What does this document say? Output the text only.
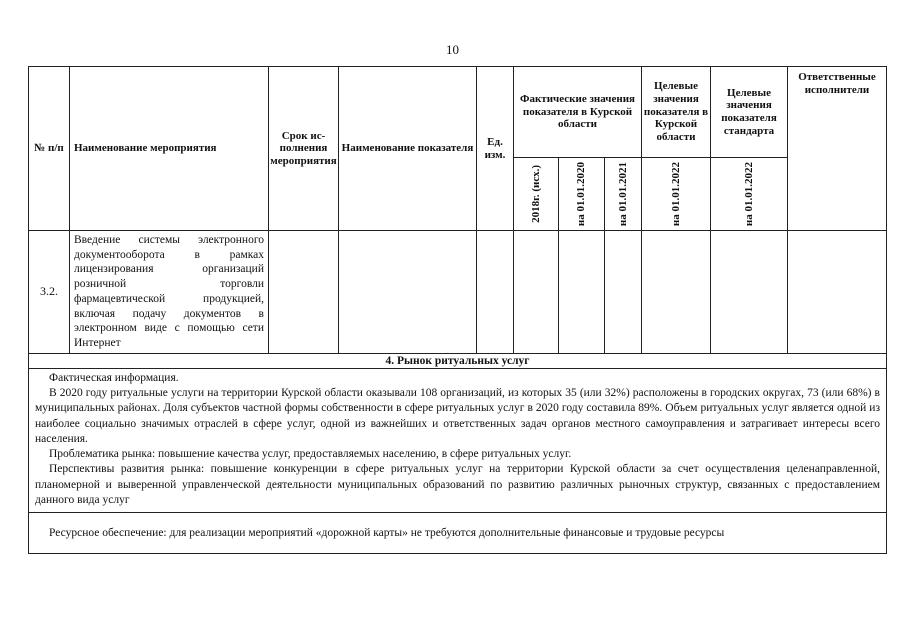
10
№ п/п	Наименование мероприятия	Срок ис-полнения мероприятия	Наименование показателя	Ед. изм.	Фактические значения показателя в Курской области			Целевые значения показателя в Курской области	Целевые значения показателя стандарта	Ответственные исполнители

					2018г. (исх.)	на 01.01.2020	на 01.01.2021	на 01.01.2022	на 01.01.2022	

3.2.	Введение системы электронного документооборота в рамках лицензирования организаций розничной торговли фармацевтической продукцией, включая подачу документов в электронном виде с помощью сети Интернет									
4. Рынок ритуальных услуг										

Фактическая информация.

В 2020 году ритуальные услуги на территории Курской области оказывали 108 организаций, из которых 35 (или 32%) расположены в городских округах, 73 (или 68%) в муниципальных районах. Доля субъектов частной формы собственности в сфере ритуальных услуг в 2020 году составила 89%. Объем ритуальных услуг является одной из наиболее социально значимых отраслей в сфере услуг, одной из важнейших и ответственных задач органов местного самоуправления и затрагивает интересы всего населения.

Проблематика рынка: повышение качества услуг, предоставляемых населению, в сфере ритуальных услуг.

Перспективы развития рынка: повышение конкуренции в сфере ритуальных услуг на территории Курской области за счет осуществления целенаправленной, планомерной и выверенной управленческой деятельности муниципальных образований по развитию различных рыночных структур, связанных с предоставлением данного вида услуг										

Ресурсное обеспечение: для реализации мероприятий «дорожной карты» не требуются дополнительные финансовые и трудовые ресурсы										
